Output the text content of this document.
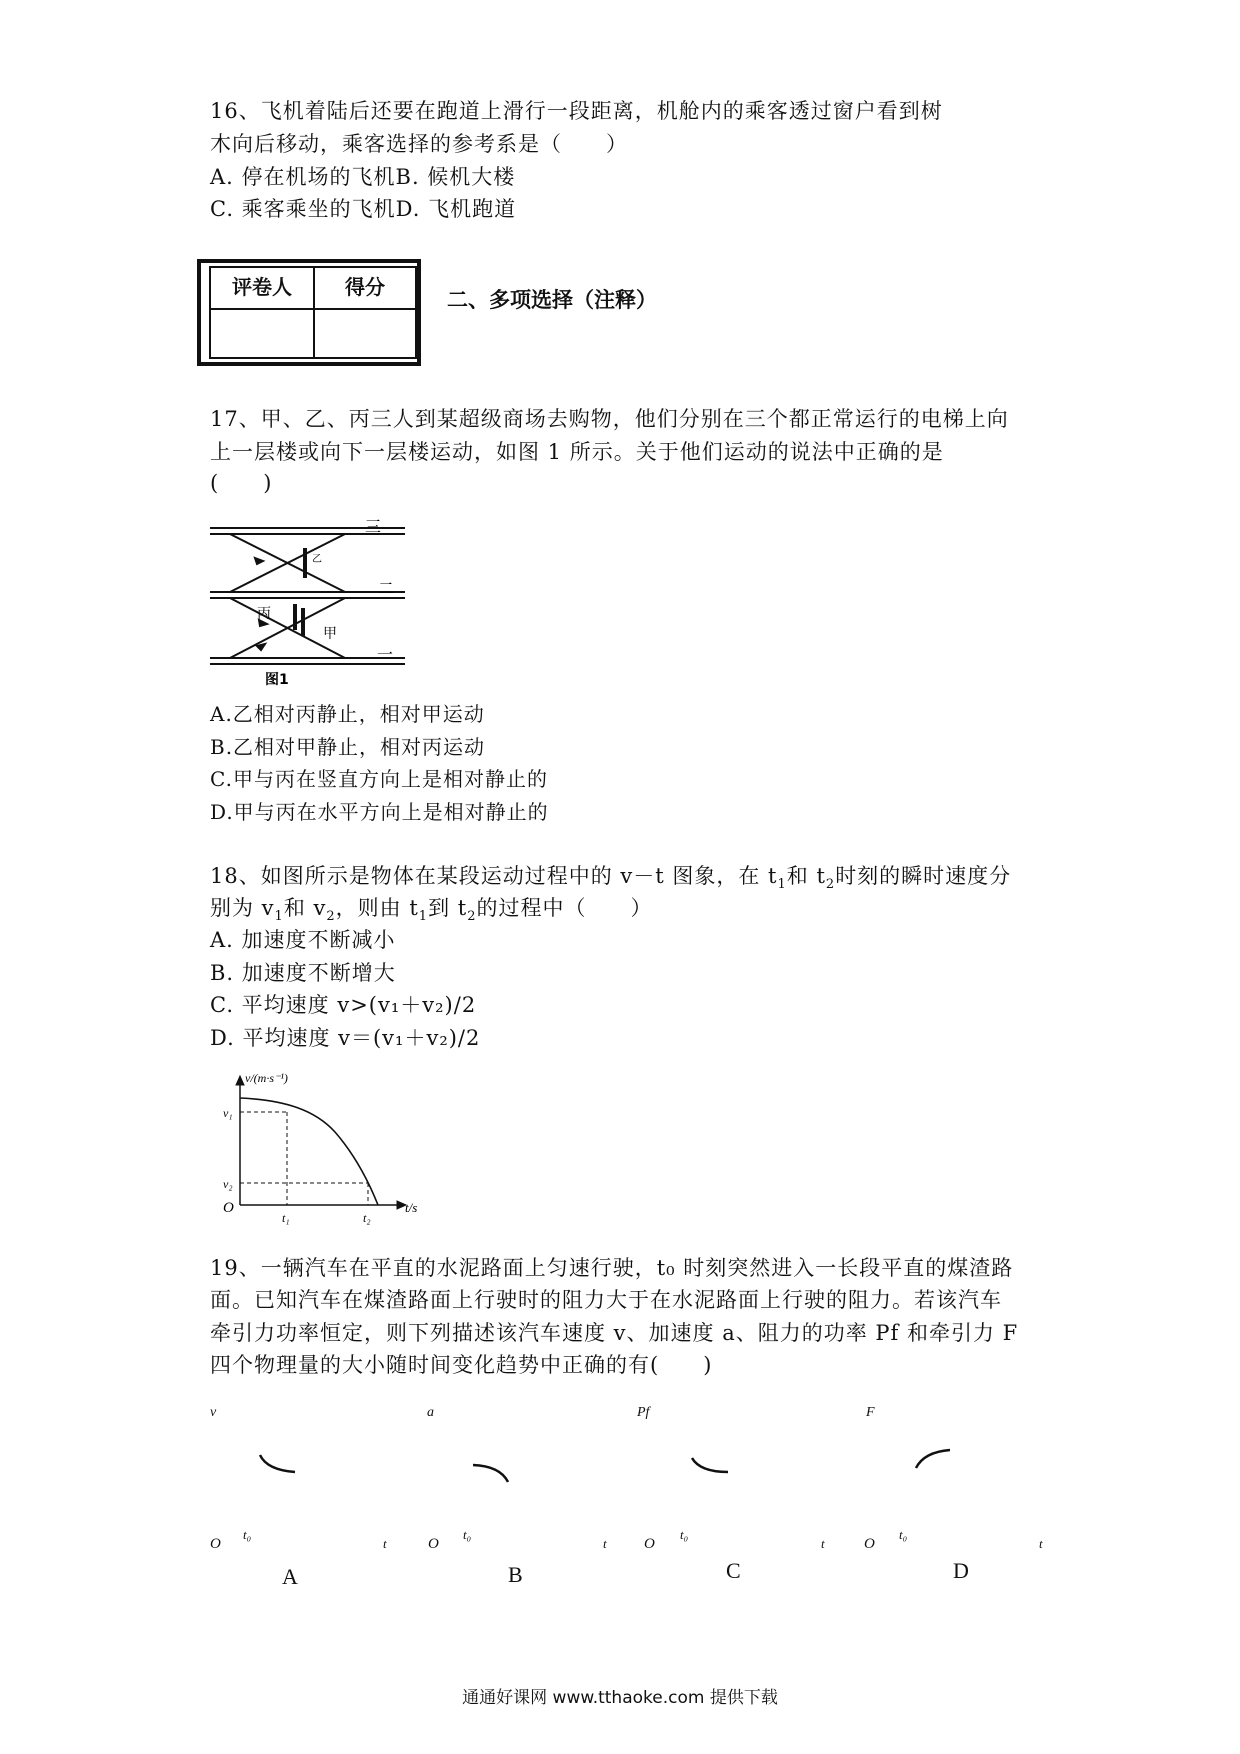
16、飞机着陆后还要在跑道上滑行一段距离，机舱内的乘客透过窗户看到树
木向后移动，乘客选择的参考系是（　　）
A. 停在机场的飞机B. 候机大楼
C. 乘客乘坐的飞机D. 飞机跑道
评卷人	得分
二、多项选择（注释）
17、甲、乙、丙三人到某超级商场去购物，他们分别在三个都正常运行的电梯上向
上一层楼或向下一层楼运动，如图 1 所示。关于他们运动的说法中正确的是
(　　)
三
二
一
乙
丙
甲
图1
A.乙相对丙静止，相对甲运动
B.乙相对甲静止，相对丙运动
C.甲与丙在竖直方向上是相对静止的
D.甲与丙在水平方向上是相对静止的
18、如图所示是物体在某段运动过程中的 v－t 图象，在 $t_1$和 $t_2$时刻的瞬时速度分
别为 $v_1$和 $v_2$，则由 $t_1$到 $t_2$的过程中（　　）
A. 加速度不断减小
B. 加速度不断增大
C. 平均速度 v>(v₁＋v₂)/2
D. 平均速度 v＝(v₁＋v₂)/2
v/(m·s⁻¹)
t/s
O
v₁
v₂
t₁	t₂
19、一辆汽车在平直的水泥路面上匀速行驶，t₀ 时刻突然进入一长段平直的煤渣路
面。已知汽车在煤渣路面上行驶时的阻力大于在水泥路面上行驶的阻力。若该汽车
牵引力功率恒定，则下列描述该汽车速度 v、加速度 a、阻力的功率 Pf 和牵引力 F
四个物理量的大小随时间变化趋势中正确的有(　　)
v
O
t₀
t
A
a
O
t₀
t
B
Pf
O
t₀
t
C
F
O
t₀
t
D
通通好课网 www.tthaoke.com 提供下载
